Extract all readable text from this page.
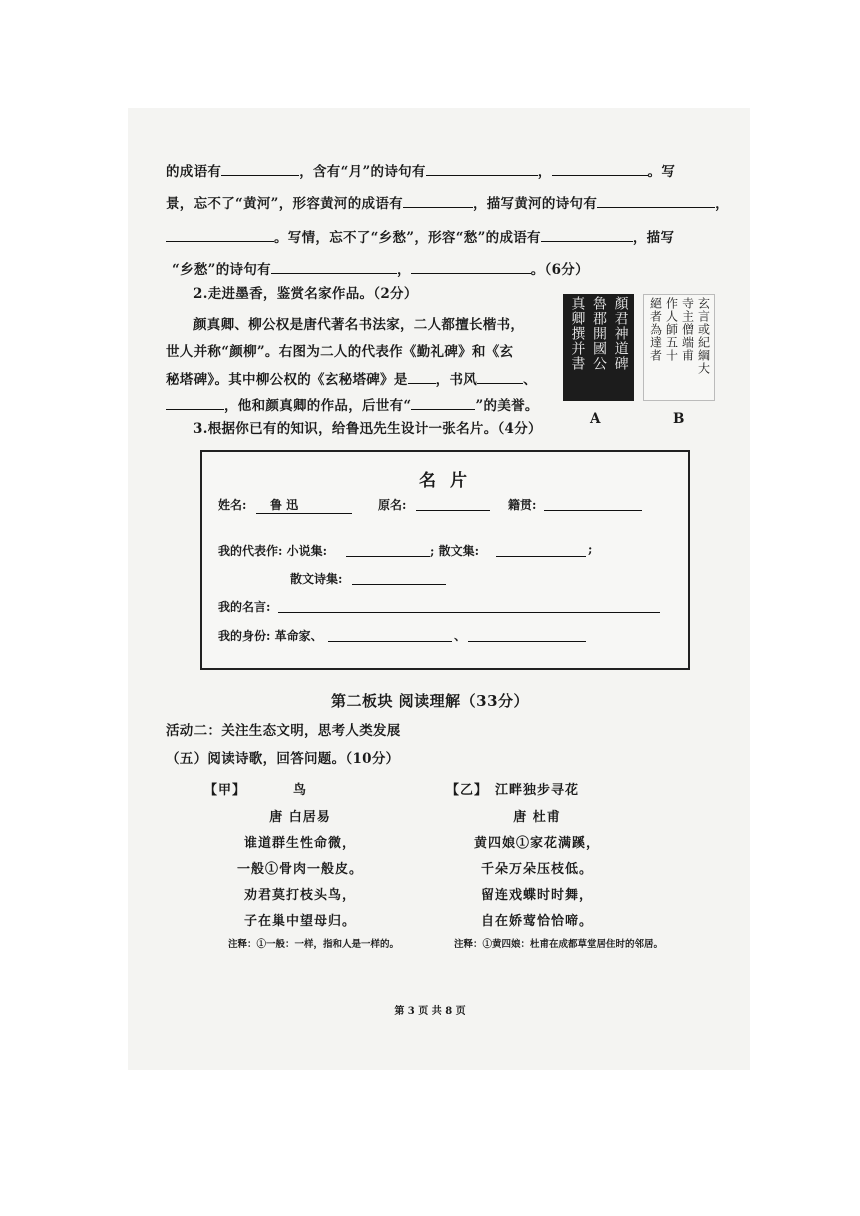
的成语有	，含有“月”的诗句有	，	。写
景，忘不了“黄河”，形容黄河的成语有	，描写黄河的诗句有	，
。写情，忘不了“乡愁”，形容“愁”的成语有	，描写
“乡愁”的诗句有	，	。（6分）
2.走进墨香，鉴赏名家作品。（2分）
颜真卿、柳公权是唐代著名书法家，二人都擅长楷书，
世人并称“颜柳”。右图为二人的代表作《勤礼碑》和《玄
秘塔碑》。其中柳公权的《玄秘塔碑》是 ，书风	、
，他和颜真卿的作品，后世有“	”的美誉。
顏君神道碑
魯郡開國公
真卿撰并書
A
玄言或紀綱大
寺主僧端甫
作人師五十
絕者為達者
B
3.根据你已有的知识，给鲁迅先生设计一张名片。（4分）
名 片
姓名:	鲁 迅	原名:	籍贯:
我的代表作: 小说集:	; 散文集:	;
散文诗集:
我的名言:
我的身份: 革命家、	、
第二板块 阅读理解（33分）
活动二：关注生态文明，思考人类发展
（五）阅读诗歌，回答问题。（10分）
【甲】	鸟
唐 白居易
谁道群生性命微，
一般①骨肉一般皮。
劝君莫打枝头鸟，
子在巢中望母归。
注释：①一般：一样，指和人是一样的。
【乙】 江畔独步寻花
唐 杜甫
黄四娘①家花满蹊，
千朵万朵压枝低。
留连戏蝶时时舞，
自在娇莺恰恰啼。
注释：①黄四娘：杜甫在成都草堂居住时的邻居。
第 3 页 共 8 页
